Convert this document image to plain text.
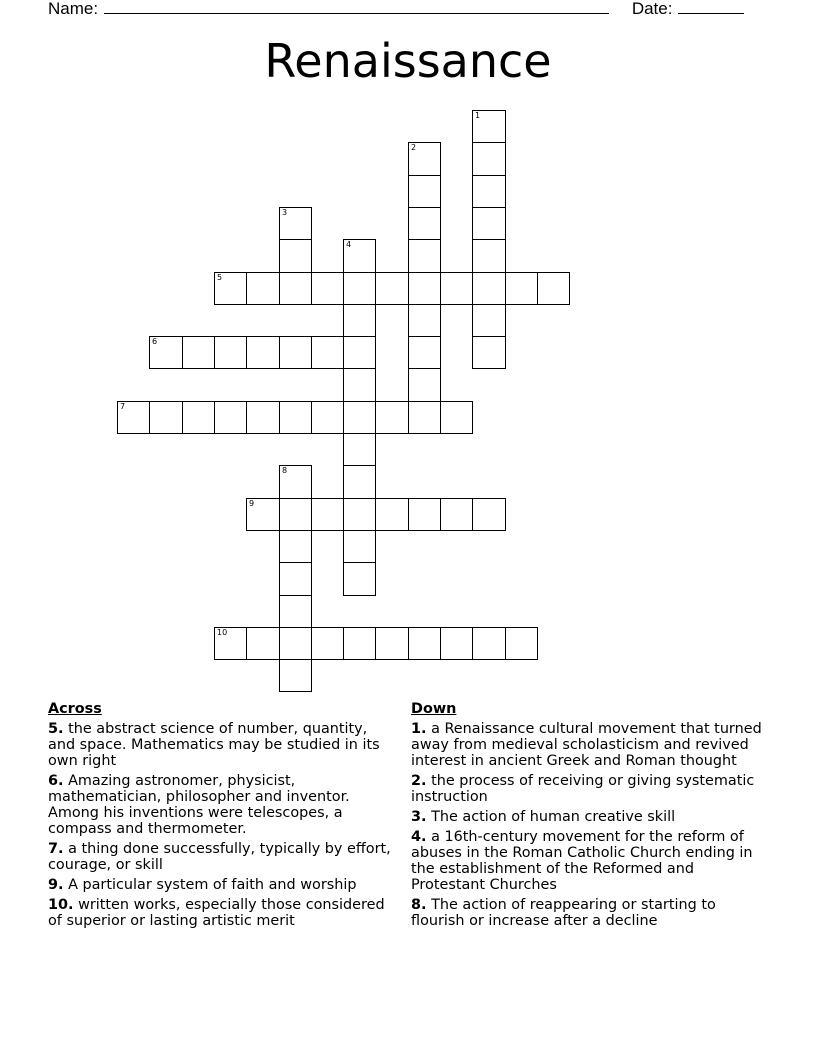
Name:	Date:
Renaissance
1
2
3
4
5
6
7
8
9
10
Across
5. the abstract science of number, quantity, and space. Mathematics may be studied in its own right
6. Amazing astronomer, physicist, mathematician, philosopher and inventor. Among his inventions were telescopes, a compass and thermometer.
7. a thing done successfully, typically by effort, courage, or skill
9. A particular system of faith and worship
10. written works, especially those considered of superior or lasting artistic merit
Down
1. a Renaissance cultural movement that turned away from medieval scholasticism and revived interest in ancient Greek and Roman thought
2. the process of receiving or giving systematic instruction
3. The action of human creative skill
4. a 16th-century movement for the reform of abuses in the Roman Catholic Church ending in the establishment of the Reformed and Protestant Churches
8. The action of reappearing or starting to flourish or increase after a decline
